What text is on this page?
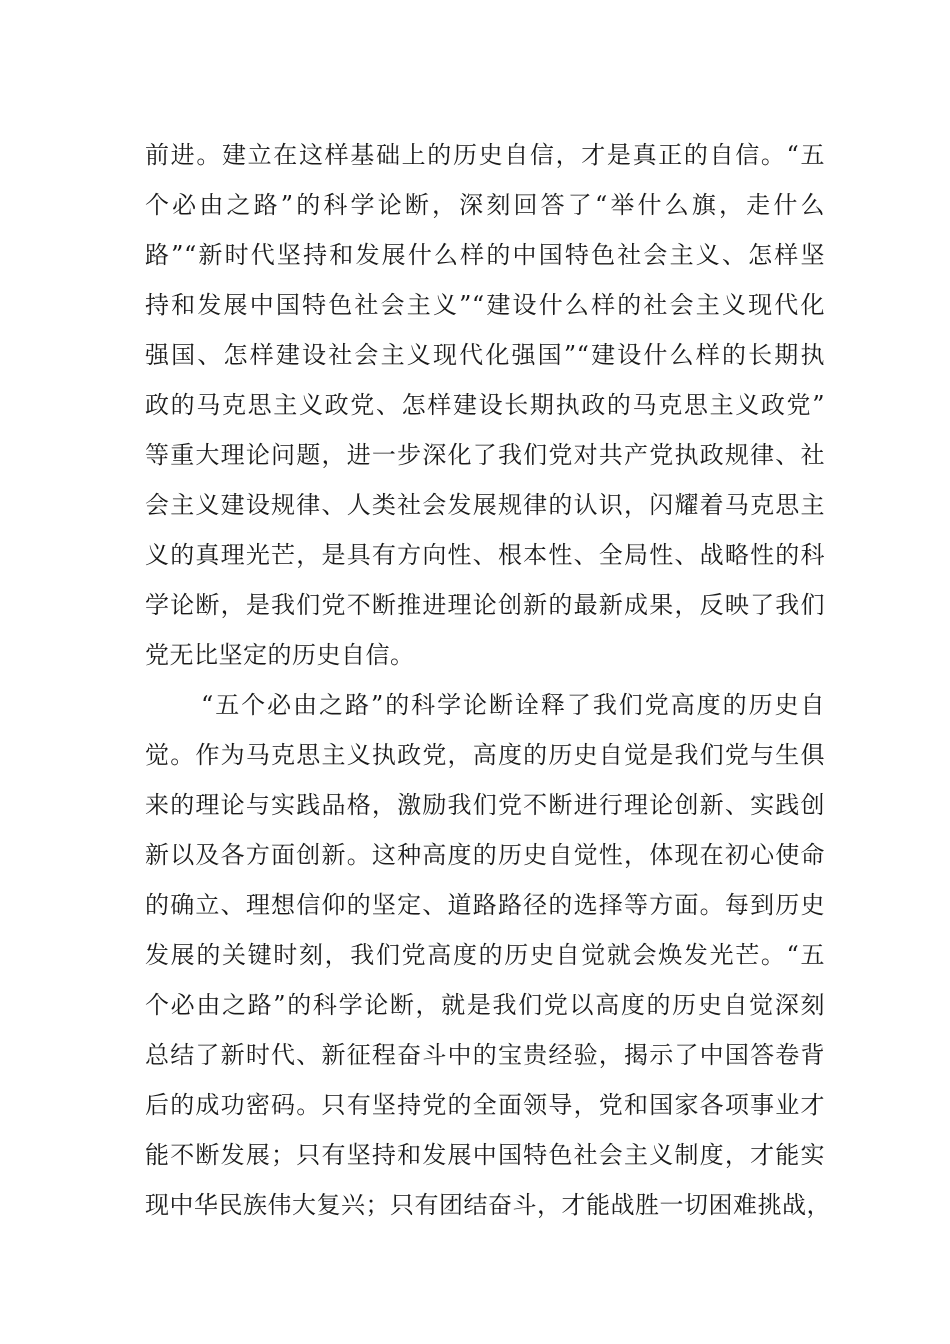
前进。建立在这样基础上的历史自信，才是真正的自信。“五
个必由之路”的科学论断，深刻回答了“举什么旗，走什么
路”“新时代坚持和发展什么样的中国特色社会主义、怎样坚
持和发展中国特色社会主义”“建设什么样的社会主义现代化
强国、怎样建设社会主义现代化强国”“建设什么样的长期执
政的马克思主义政党、怎样建设长期执政的马克思主义政党”
等重大理论问题，进一步深化了我们党对共产党执政规律、社
会主义建设规律、人类社会发展规律的认识，闪耀着马克思主
义的真理光芒，是具有方向性、根本性、全局性、战略性的科
学论断，是我们党不断推进理论创新的最新成果，反映了我们
党无比坚定的历史自信。
“五个必由之路”的科学论断诠释了我们党高度的历史自
觉。作为马克思主义执政党，高度的历史自觉是我们党与生俱
来的理论与实践品格，激励我们党不断进行理论创新、实践创
新以及各方面创新。这种高度的历史自觉性，体现在初心使命
的确立、理想信仰的坚定、道路路径的选择等方面。每到历史
发展的关键时刻，我们党高度的历史自觉就会焕发光芒。“五
个必由之路”的科学论断，就是我们党以高度的历史自觉深刻
总结了新时代、新征程奋斗中的宝贵经验，揭示了中国答卷背
后的成功密码。只有坚持党的全面领导，党和国家各项事业才
能不断发展；只有坚持和发展中国特色社会主义制度，才能实
现中华民族伟大复兴；只有团结奋斗，才能战胜一切困难挑战，
